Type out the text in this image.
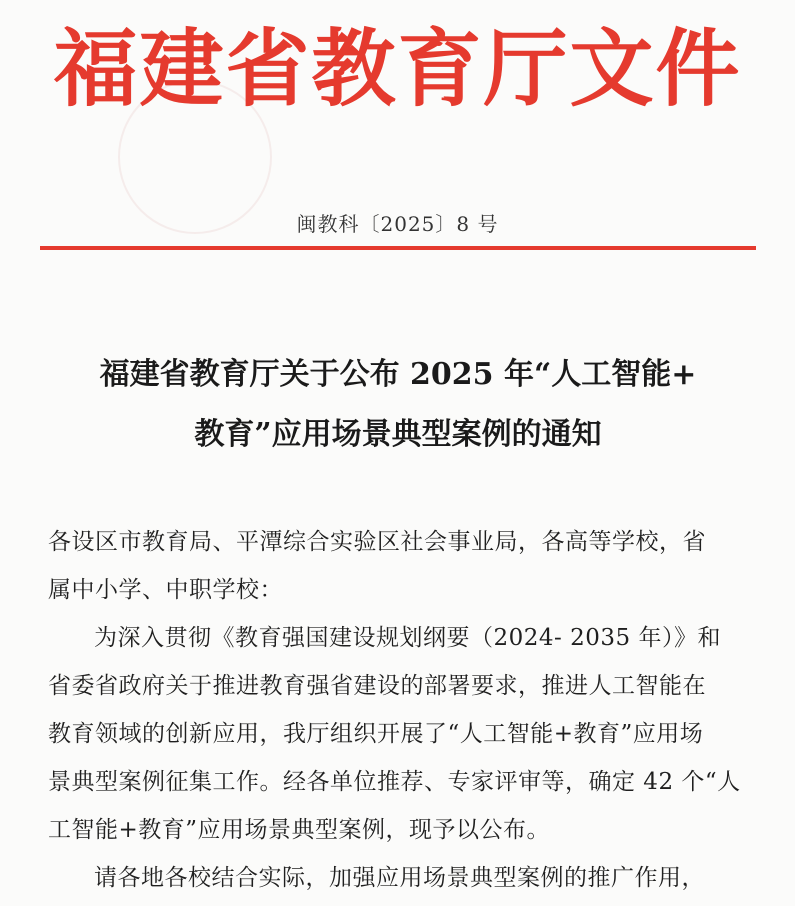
福建省教育厅文件
闽教科〔2025〕8 号
福建省教育厅关于公布 2025 年“人工智能+
教育”应用场景典型案例的通知
各设区市教育局、平潭综合实验区社会事业局，各高等学校，省
属中小学、中职学校：
为深入贯彻《教育强国建设规划纲要（2024- 2035 年）》和
省委省政府关于推进教育强省建设的部署要求，推进人工智能在
教育领域的创新应用，我厅组织开展了“人工智能+教育”应用场
景典型案例征集工作。经各单位推荐、专家评审等，确定 42 个“人
工智能+教育”应用场景典型案例，现予以公布。
请各地各校结合实际，加强应用场景典型案例的推广作用，
